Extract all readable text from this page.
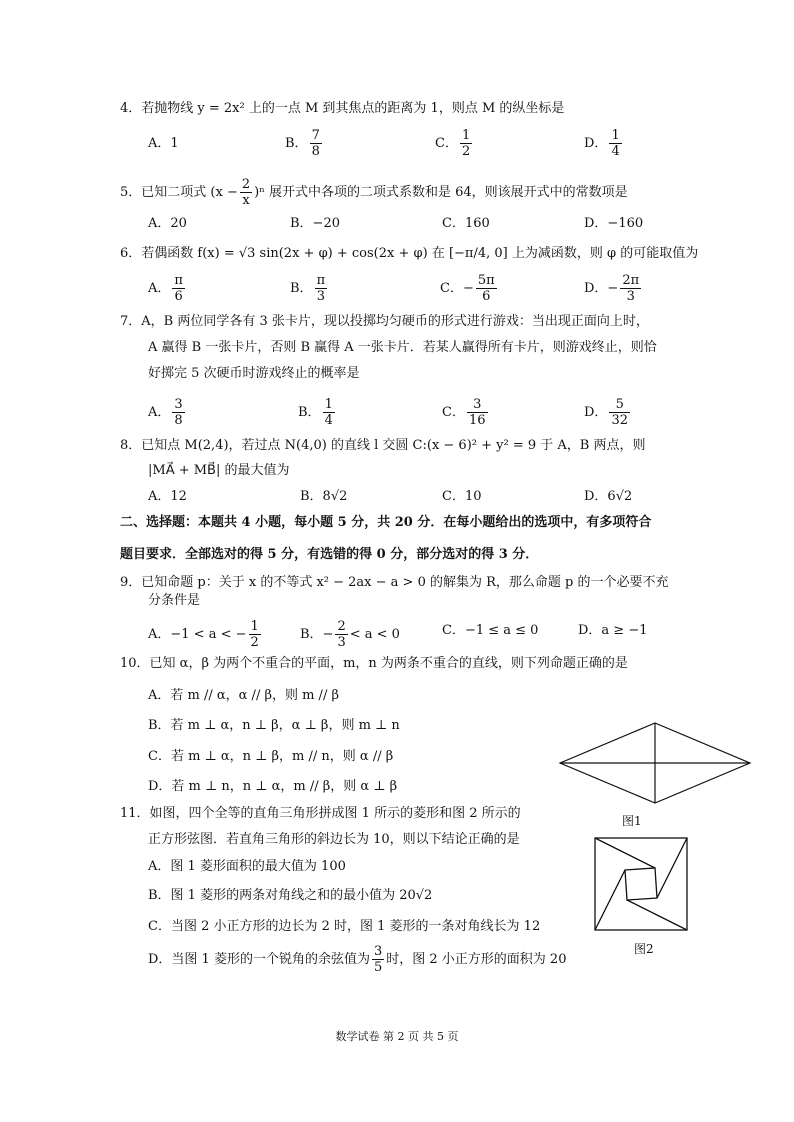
4．若抛物线 y = 2x² 上的一点 M 到其焦点的距离为 1，则点 M 的纵坐标是
A．1	B． $\frac{7}{8}$	C． $\frac{1}{2}$	D． $\frac{1}{4}$
5．已知二项式 $(x - \frac{2}{x} )^n$ 展开式中各项的二项式系数和是 64，则该展开式中的常数项是
A．20	B．−20	C．160	D．−160
6．若偶函数 f(x) = √3 sin(2x + φ) + cos(2x + φ) 在 [−π/4, 0] 上为减函数，则 φ 的可能取值为
A． $\frac{\pi}{6}$	B． $\frac{\pi}{3}$	C．− $\frac{5\pi}{6}$	D．− $\frac{2\pi}{3}$
7．A，B 两位同学各有 3 张卡片，现以投掷均匀硬币的形式进行游戏：当出现正面向上时，
A 赢得 B 一张卡片，否则 B 赢得 A 一张卡片．若某人赢得所有卡片，则游戏终止，则恰
好掷完 5 次硬币时游戏终止的概率是
A． $\frac{3}{8}$	B． $\frac{1}{4}$	C． $\frac{3}{16}$	D． $\frac{5}{32}$
8．已知点 M(2,4)，若过点 N(4,0) 的直线 l 交圆 C:(x − 6)² + y² = 9 于 A，B 两点，则
|MA⃗ + MB⃗| 的最大值为
A．12	B．8√2	C．10	D．6√2
二、选择题：本题共 4 小题，每小题 5 分，共 20 分．在每小题给出的选项中，有多项符合
题目要求．全部选对的得 5 分，有选错的得 0 分，部分选对的得 3 分．
9．已知命题 p：关于 x 的不等式 x² − 2ax − a > 0 的解集为 R，那么命题 p 的一个必要不充
分条件是
A．−1 < a < − $\frac{1}{2}$	B．− $\frac{2}{3} < a < 0$	C．−1 ≤ a ≤ 0	D．a ≥ −1
10．已知 α，β 为两个不重合的平面，m，n 为两条不重合的直线，则下列命题正确的是
A．若 m // α，α // β，则 m // β
B．若 m ⊥ α，n ⊥ β，α ⊥ β，则 m ⊥ n
C．若 m ⊥ α，n ⊥ β，m // n，则 α // β
D．若 m ⊥ n，n ⊥ α，m // β，则 α ⊥ β
11．如图，四个全等的直角三角形拼成图 1 所示的菱形和图 2 所示的
正方形弦图．若直角三角形的斜边长为 10，则以下结论正确的是
A．图 1 菱形面积的最大值为 100
B．图 1 菱形的两条对角线之和的最小值为 20√2
C．当图 2 小正方形的边长为 2 时，图 1 菱形的一条对角线长为 12
D．当图 1 菱形的一个锐角的余弦值为 $\frac{3}{5}$ 时，图 2 小正方形的面积为 20
图1
图2
数学试卷 第 2 页 共 5 页
